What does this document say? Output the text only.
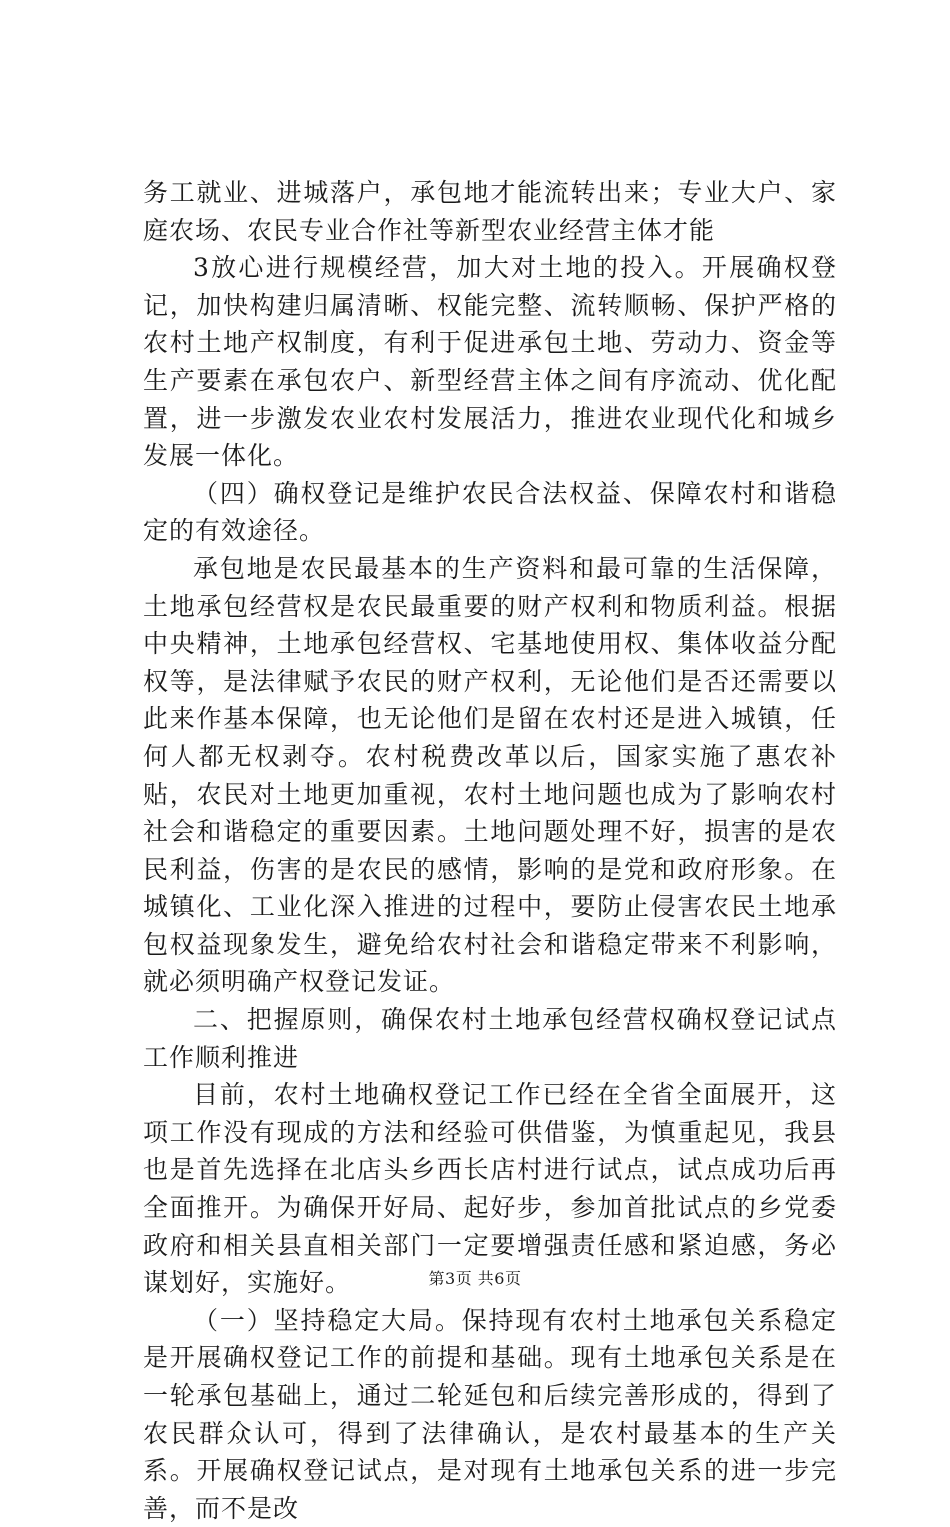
务工就业、进城落户，承包地才能流转出来；专业大户、家庭农场、农民专业合作社等新型农业经营主体才能

3放心进行规模经营，加大对土地的投入。开展确权登记，加快构建归属清晰、权能完整、流转顺畅、保护严格的农村土地产权制度，有利于促进承包土地、劳动力、资金等生产要素在承包农户、新型经营主体之间有序流动、优化配置，进一步激发农业农村发展活力，推进农业现代化和城乡发展一体化。

（四）确权登记是维护农民合法权益、保障农村和谐稳定的有效途径。

承包地是农民最基本的生产资料和最可靠的生活保障，土地承包经营权是农民最重要的财产权利和物质利益。根据中央精神，土地承包经营权、宅基地使用权、集体收益分配权等，是法律赋予农民的财产权利，无论他们是否还需要以此来作基本保障，也无论他们是留在农村还是进入城镇，任何人都无权剥夺。农村税费改革以后，国家实施了惠农补贴，农民对土地更加重视，农村土地问题也成为了影响农村社会和谐稳定的重要因素。土地问题处理不好，损害的是农民利益，伤害的是农民的感情，影响的是党和政府形象。在城镇化、工业化深入推进的过程中，要防止侵害农民土地承包权益现象发生，避免给农村社会和谐稳定带来不利影响，就必须明确产权登记发证。

二、把握原则，确保农村土地承包经营权确权登记试点工作顺利推进

目前，农村土地确权登记工作已经在全省全面展开，这项工作没有现成的方法和经验可供借鉴，为慎重起见，我县也是首先选择在北店头乡西长店村进行试点，试点成功后再全面推开。为确保开好局、起好步，参加首批试点的乡党委政府和相关县直相关部门一定要增强责任感和紧迫感，务必谋划好，实施好。

（一）坚持稳定大局。保持现有农村土地承包关系稳定是开展确权登记工作的前提和基础。现有土地承包关系是在一轮承包基础上，通过二轮延包和后续完善形成的，得到了农民群众认可，得到了法律确认，是农村最基本的生产关系。开展确权登记试点，是对现有土地承包关系的进一步完善，而不是改

第3页 共6页
